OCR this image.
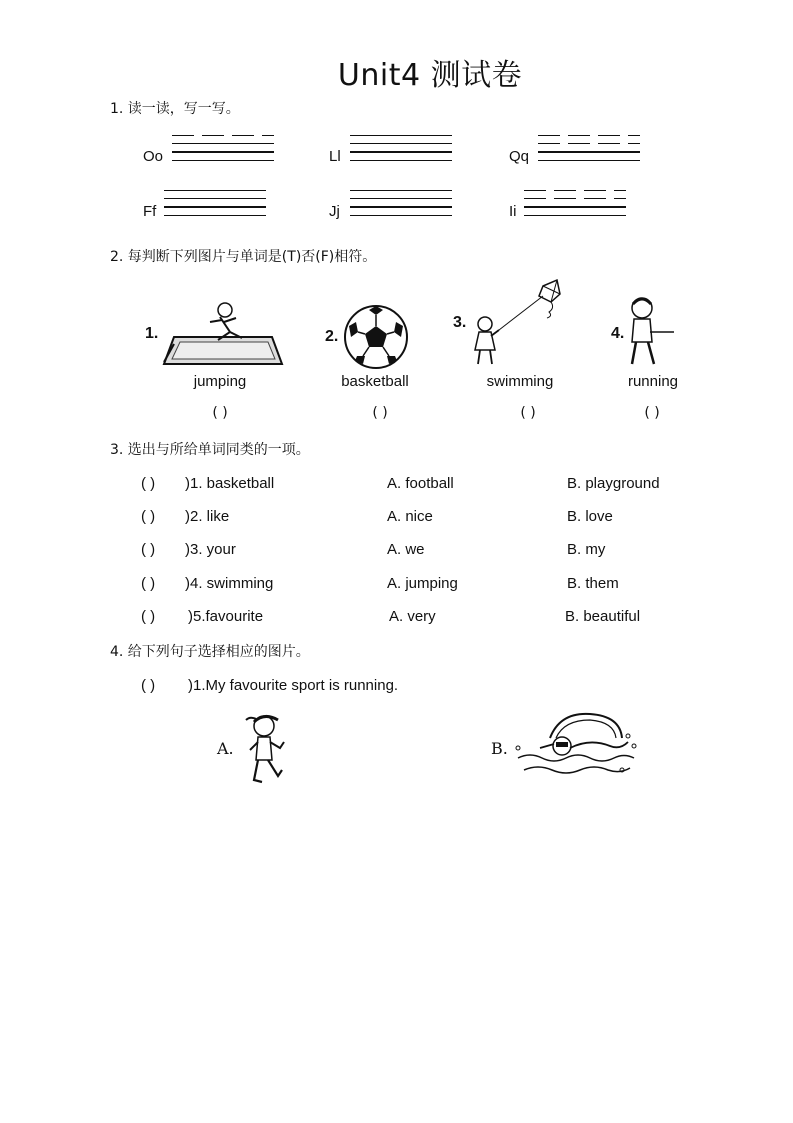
Unit4 测试卷
1. 读一读，写一写。
Oo	Ll	Qq
Ff	Jj	Ii
2. 每判断下列图片与单词是(T)否(F)相符。
1.
jumping
( )
2.
basketball
( )
3.
swimming
( )
4.
running
( )
3. 选出与所给单词同类的一项。
( ) )1. basketball	A. football	B. playground
( ) )2. like	A. nice	B. love
( ) )3. your	A. we	B. my
( ) )4. swimming	A. jumping	B. them
( ) )5.favourite	A. very	B. beautiful
4. 给下列句子选择相应的图片。
( ) )1.My favourite sport is running.
A.	B.
